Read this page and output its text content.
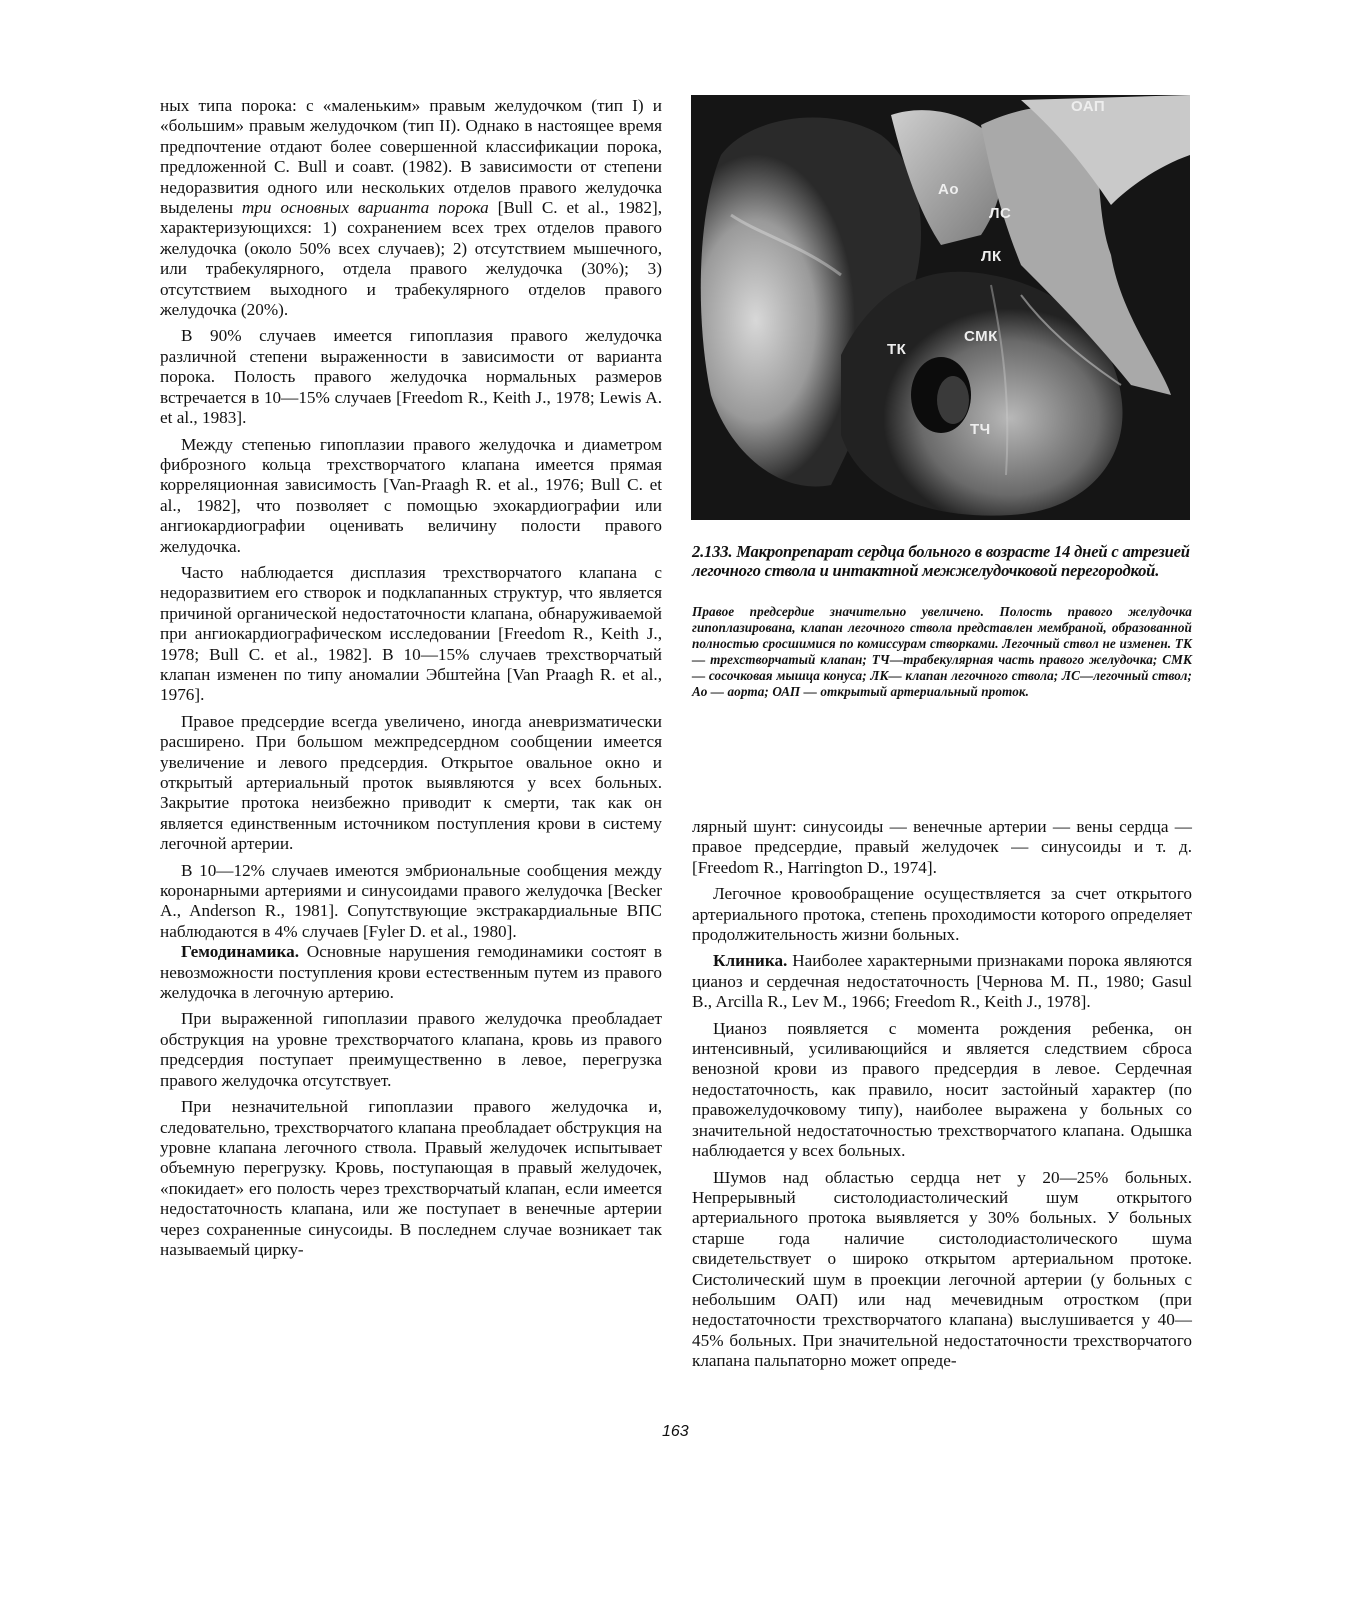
ных типа порока: с «маленьким» правым желудочком (тип I) и «большим» правым желудочком (тип II). Однако в настоящее время предпочтение отдают более совершенной классификации порока, предложенной C. Bull и соавт. (1982). В зависимости от степени недоразвития одного или нескольких отделов правого желудочка выделены три основных варианта порока [Bull C. et al., 1982], характеризующихся: 1) сохранением всех трех отделов правого желудочка (около 50% всех случаев); 2) отсутствием мышечного, или трабекулярного, отдела правого желудочка (30%); 3) отсутствием выходного и трабекулярного отделов правого желудочка (20%).

В 90% случаев имеется гипоплазия правого желудочка различной степени выраженности в зависимости от варианта порока. Полость правого желудочка нормальных размеров встречается в 10—15% случаев [Freedom R., Keith J., 1978; Lewis A. et al., 1983].

Между степенью гипоплазии правого желудочка и диаметром фиброзного кольца трехстворчатого клапана имеется прямая корреляционная зависимость [Van-Praagh R. et al., 1976; Bull C. et al., 1982], что позволяет с помощью эхокардиографии или ангиокардиографии оценивать величину полости правого желудочка.

Часто наблюдается дисплазия трехстворчатого клапана с недоразвитием его створок и подклапанных структур, что является причиной органической недостаточности клапана, обнаруживаемой при ангиокардиографическом исследовании [Freedom R., Keith J., 1978; Bull C. et al., 1982]. В 10—15% случаев трехстворчатый клапан изменен по типу аномалии Эбштейна [Van Praagh R. et al., 1976].

Правое предсердие всегда увеличено, иногда аневризматически расширено. При большом межпредсердном сообщении имеется увеличение и левого предсердия. Открытое овальное окно и открытый артериальный проток выявляются у всех больных. Закрытие протока неизбежно приводит к смерти, так как он является единственным источником поступления крови в систему легочной артерии.

В 10—12% случаев имеются эмбриональные сообщения между коронарными артериями и синусоидами правого желудочка [Becker A., Anderson R., 1981]. Сопутствующие экстракардиальные ВПС наблюдаются в 4% случаев [Fyler D. et al., 1980].

Гемодинамика. Основные нарушения гемодинамики состоят в невозможности поступления крови естественным путем из правого желудочка в легочную артерию.

При выраженной гипоплазии правого желудочка преобладает обструкция на уровне трехстворчатого клапана, кровь из правого предсердия поступает преимущественно в левое, перегрузка правого желудочка отсутствует.

При незначительной гипоплазии правого желудочка и, следовательно, трехстворчатого клапана преобладает обструкция на уровне клапана легочного ствола. Правый желудочек испытывает объемную перегрузку. Кровь, поступающая в правый желудочек, «покидает» его полость через трехстворчатый клапан, если имеется недостаточность клапана, или же поступает в венечные артерии через сохраненные синусоиды. В последнем случае возникает так называемый цирку-

ОАП
Ао
ЛС
ЛК
ТК
СМК
ТЧ
2.133. Макропрепарат сердца больного в возрасте 14 дней с атрезией легочного ствола и интактной межжелудочковой перегородкой.
Правое предсердие значительно увеличено. Полость правого желудочка гипоплазирована, клапан легочного ствола представлен мембраной, образованной полностью сросшимися по комиссурам створками. Легочный ствол не изменен. ТК — трехстворчатый клапан; ТЧ—трабекулярная часть правого желудочка; СМК — сосочковая мышца конуса; ЛК— клапан легочного ствола; ЛС—легочный ствол; Ао — аорта; ОАП — открытый артериальный проток.

лярный шунт: синусоиды — венечные артерии — вены сердца — правое предсердие, правый желудочек — синусоиды и т. д. [Freedom R., Harrington D., 1974].

Легочное кровообращение осуществляется за счет открытого артериального протока, степень проходимости которого определяет продолжительность жизни больных.

Клиника. Наиболее характерными признаками порока являются цианоз и сердечная недостаточность [Чернова М. П., 1980; Gasul B., Arcilla R., Lev M., 1966; Freedom R., Keith J., 1978].

Цианоз появляется с момента рождения ребенка, он интенсивный, усиливающийся и является следствием сброса венозной крови из правого предсердия в левое. Сердечная недостаточность, как правило, носит застойный характер (по правожелудочковому типу), наиболее выражена у больных со значительной недостаточностью трехстворчатого клапана. Одышка наблюдается у всех больных.

Шумов над областью сердца нет у 20—25% больных. Непрерывный систолодиастолический шум открытого артериального протока выявляется у 30% больных. У больных старше года наличие систолодиастолического шума свидетельствует о широко открытом артериальном протоке. Систолический шум в проекции легочной артерии (у больных с небольшим ОАП) или над мечевидным отростком (при недостаточности трехстворчатого клапана) выслушивается у 40—45% больных. При значительной недостаточности трехстворчатого клапана пальпаторно может опреде-

163
